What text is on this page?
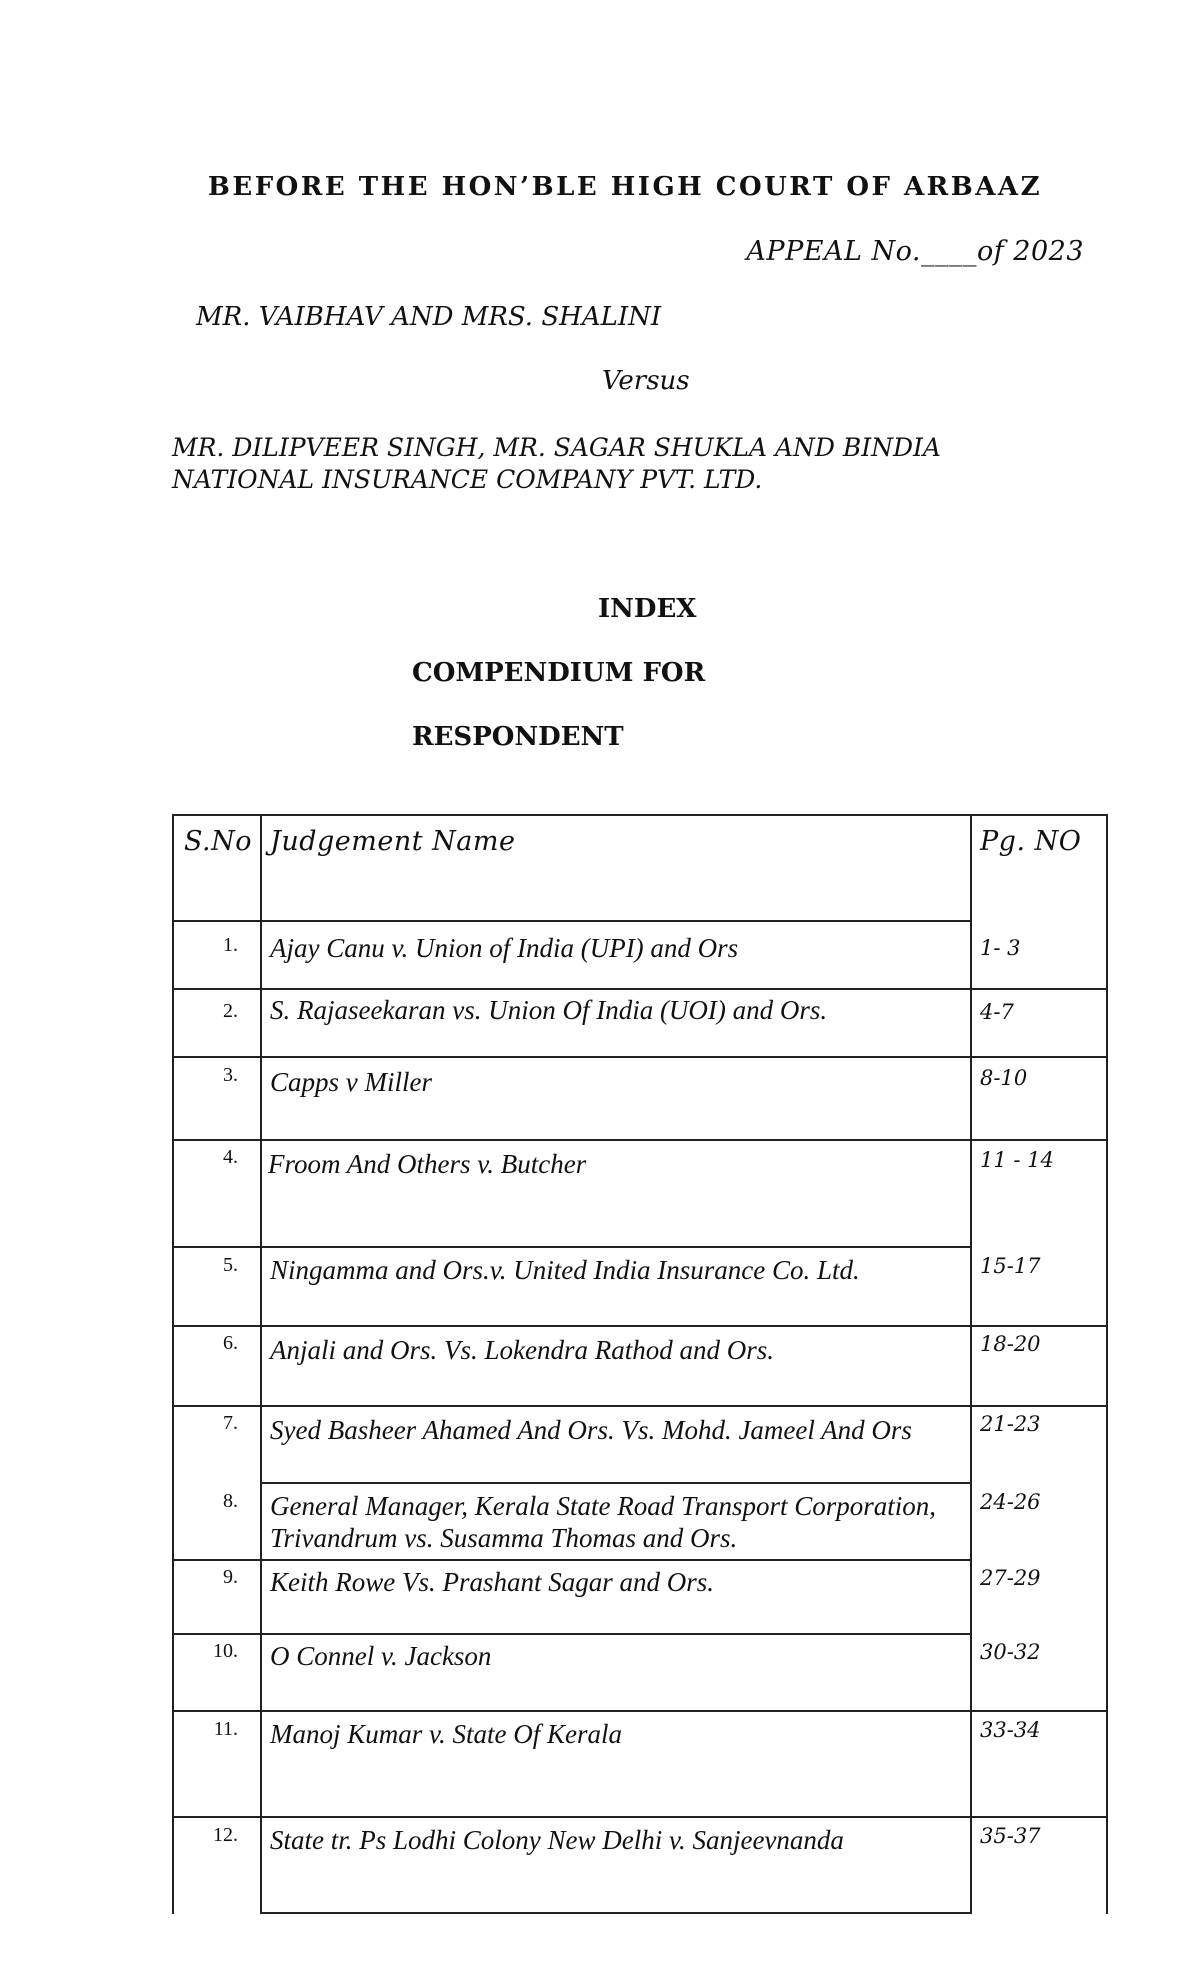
BEFORE THE HON’BLE HIGH COURT OF ARBAAZ
APPEAL No.____of 2023
MR. VAIBHAV AND MRS. SHALINI
Versus
MR. DILIPVEER SINGH, MR. SAGAR SHUKLA AND BINDIA NATIONAL INSURANCE COMPANY PVT. LTD.
INDEX
COMPENDIUM FOR
RESPONDENT
S.No Judgement Name	Pg. NO
1. Ajay Canu v. Union of India (UPI) and Ors	1- 3
2. S. Rajaseekaran vs. Union Of India (UOI) and Ors.	4-7
3. Capps v Miller	8-10
4. Froom And Others v. Butcher	11 - 14
5. Ningamma and Ors.v. United India Insurance Co. Ltd.	15-17
6. Anjali and Ors. Vs. Lokendra Rathod and Ors.	18-20
7. Syed Basheer Ahamed And Ors. Vs. Mohd. Jameel And Ors	21-23
8. General Manager, Kerala State Road Transport Corporation,
Trivandrum vs. Susamma Thomas and Ors.
24-26
9. Keith Rowe Vs. Prashant Sagar and Ors.	27-29
10. O Connel v. Jackson	30-32
11. Manoj Kumar v. State Of Kerala	33-34
12. State tr. Ps Lodhi Colony New Delhi v. Sanjeevnanda	35-37
